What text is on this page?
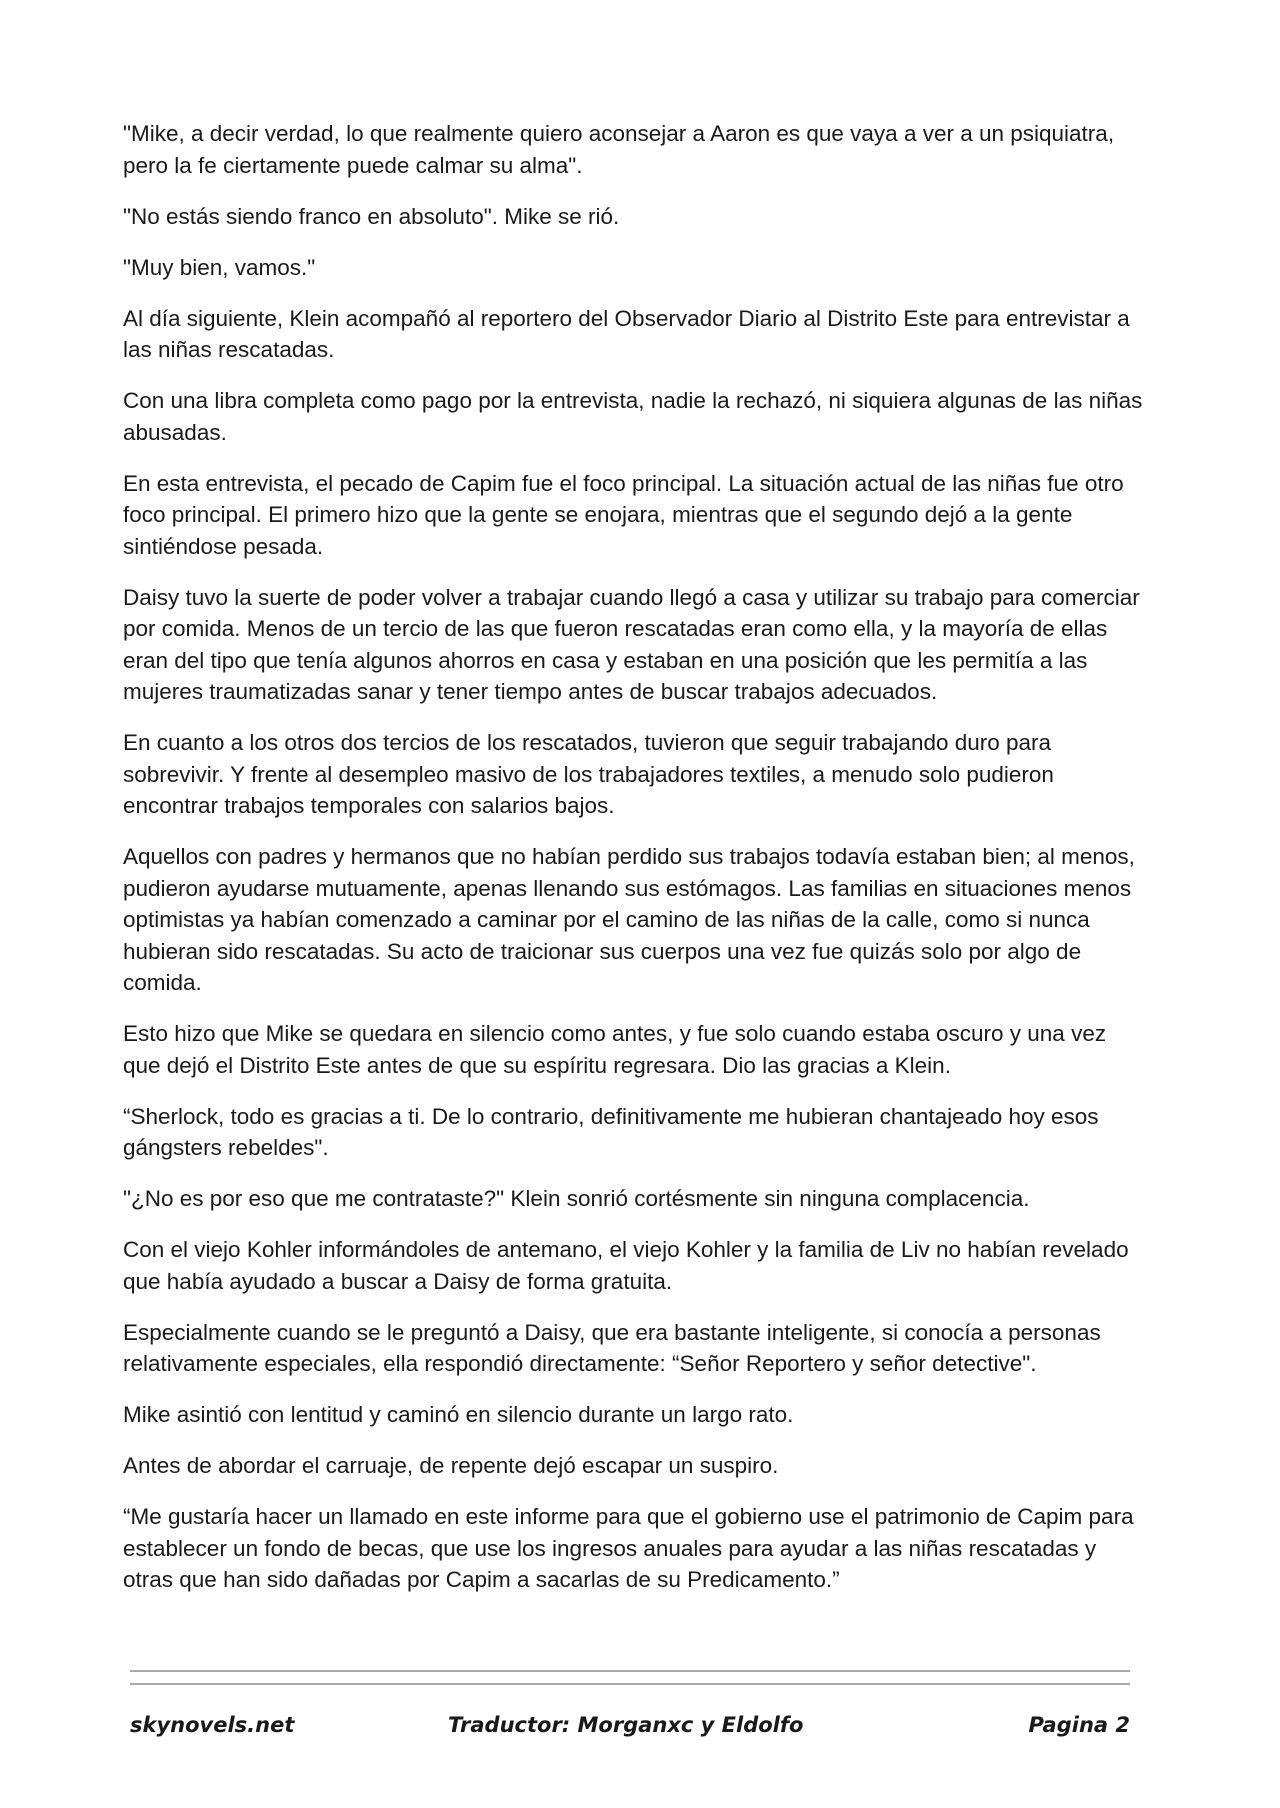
"Mike, a decir verdad, lo que realmente quiero aconsejar a Aaron es que vaya a ver a un psiquiatra, pero la fe ciertamente puede calmar su alma".

"No estás siendo franco en absoluto". Mike se rió.

"Muy bien, vamos."

Al día siguiente, Klein acompañó al reportero del Observador Diario al Distrito Este para entrevistar a las niñas rescatadas.

Con una libra completa como pago por la entrevista, nadie la rechazó, ni siquiera algunas de las niñas abusadas.

En esta entrevista, el pecado de Capim fue el foco principal. La situación actual de las niñas fue otro foco principal. El primero hizo que la gente se enojara, mientras que el segundo dejó a la gente sintiéndose pesada.

Daisy tuvo la suerte de poder volver a trabajar cuando llegó a casa y utilizar su trabajo para comerciar por comida. Menos de un tercio de las que fueron rescatadas eran como ella, y la mayoría de ellas eran del tipo que tenía algunos ahorros en casa y estaban en una posición que les permitía a las mujeres traumatizadas sanar y tener tiempo antes de buscar trabajos adecuados.

En cuanto a los otros dos tercios de los rescatados, tuvieron que seguir trabajando duro para sobrevivir. Y frente al desempleo masivo de los trabajadores textiles, a menudo solo pudieron encontrar trabajos temporales con salarios bajos.

Aquellos con padres y hermanos que no habían perdido sus trabajos todavía estaban bien; al menos, pudieron ayudarse mutuamente, apenas llenando sus estómagos. Las familias en situaciones menos optimistas ya habían comenzado a caminar por el camino de las niñas de la calle, como si nunca hubieran sido rescatadas. Su acto de traicionar sus cuerpos una vez fue quizás solo por algo de comida.

Esto hizo que Mike se quedara en silencio como antes, y fue solo cuando estaba oscuro y una vez que dejó el Distrito Este antes de que su espíritu regresara. Dio las gracias a Klein.

“Sherlock, todo es gracias a ti. De lo contrario, definitivamente me hubieran chantajeado hoy esos gángsters rebeldes".

"¿No es por eso que me contrataste?" Klein sonrió cortésmente sin ninguna complacencia.

Con el viejo Kohler informándoles de antemano, el viejo Kohler y la familia de Liv no habían revelado que había ayudado a buscar a Daisy de forma gratuita.

Especialmente cuando se le preguntó a Daisy, que era bastante inteligente, si conocía a personas relativamente especiales, ella respondió directamente: “Señor Reportero y señor detective".

Mike asintió con lentitud y caminó en silencio durante un largo rato.

Antes de abordar el carruaje, de repente dejó escapar un suspiro.

“Me gustaría hacer un llamado en este informe para que el gobierno use el patrimonio de Capim para establecer un fondo de becas, que use los ingresos anuales para ayudar a las niñas rescatadas y otras que han sido dañadas por Capim a sacarlas de su Predicamento.”

skynovels.net	Traductor: Morganxc y Eldolfo	Pagina 2
